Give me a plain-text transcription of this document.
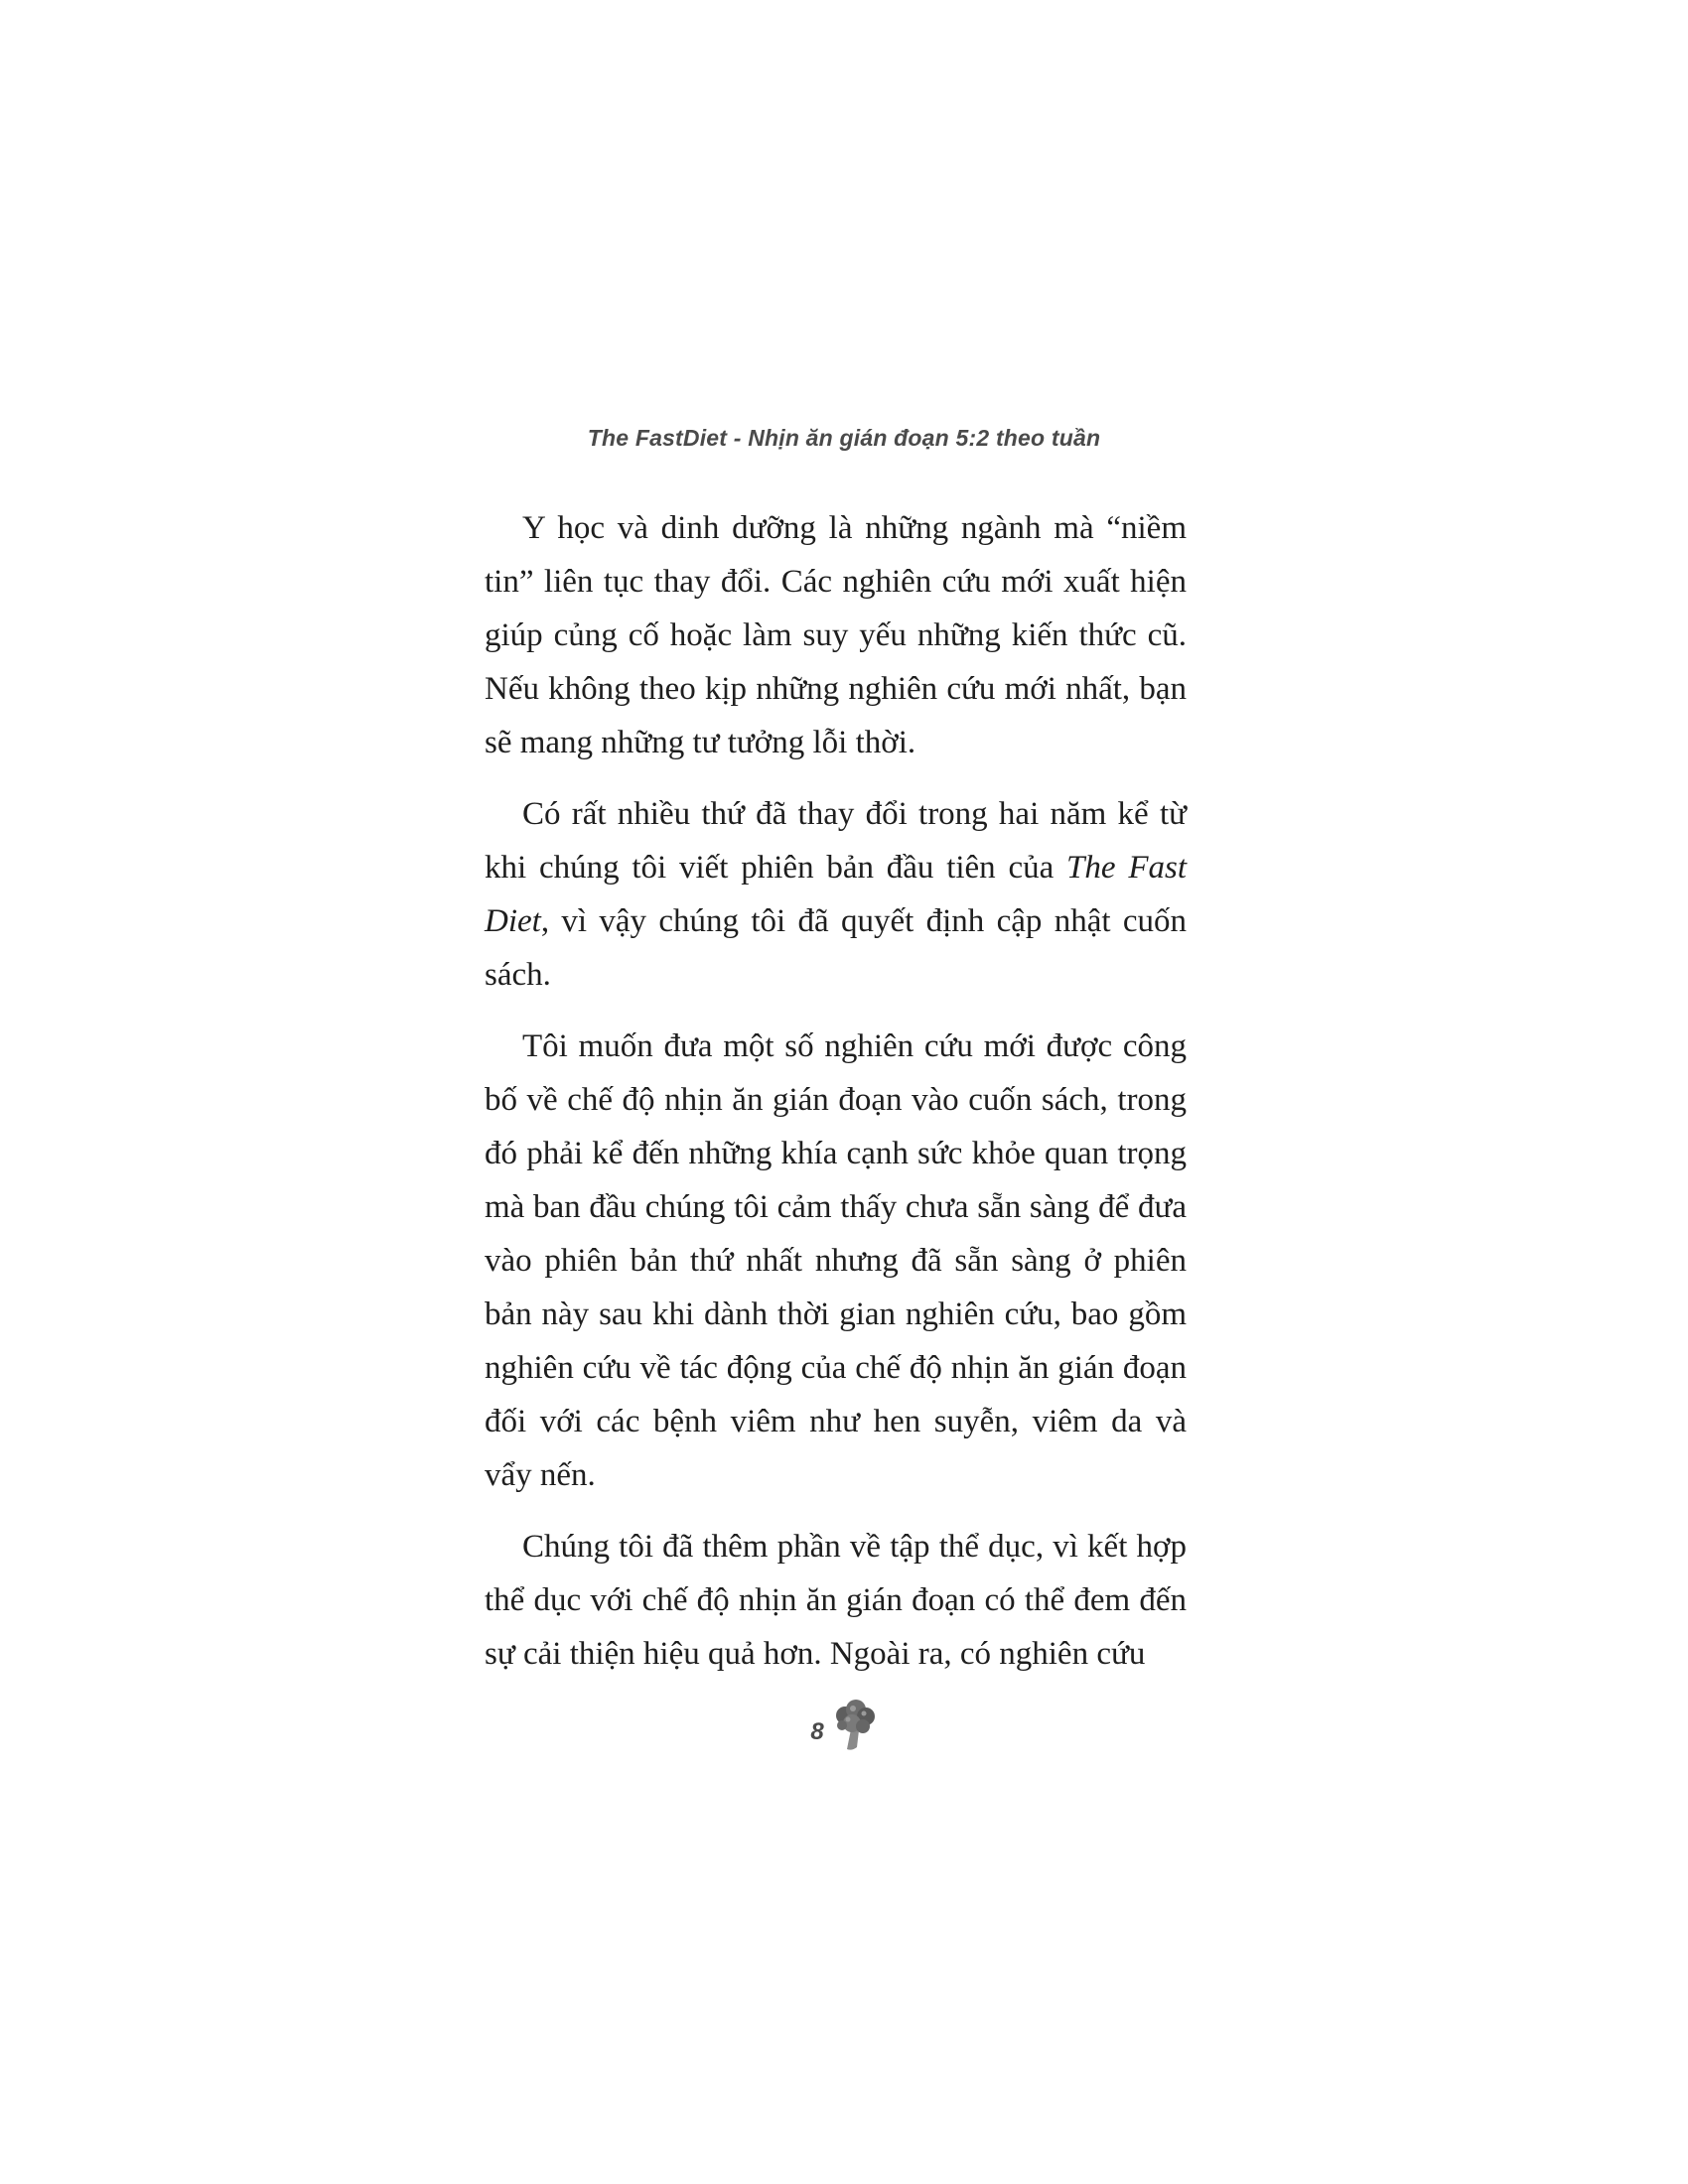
The FastDiet - Nhịn ăn gián đoạn 5:2 theo tuần

Y học và dinh dưỡng là những ngành mà “niềm tin” liên tục thay đổi. Các nghiên cứu mới xuất hiện giúp củng cố hoặc làm suy yếu những kiến thức cũ. Nếu không theo kịp những nghiên cứu mới nhất, bạn sẽ mang những tư tưởng lỗi thời.

Có rất nhiều thứ đã thay đổi trong hai năm kể từ khi chúng tôi viết phiên bản đầu tiên của The Fast Diet, vì vậy chúng tôi đã quyết định cập nhật cuốn sách.

Tôi muốn đưa một số nghiên cứu mới được công bố về chế độ nhịn ăn gián đoạn vào cuốn sách, trong đó phải kể đến những khía cạnh sức khỏe quan trọng mà ban đầu chúng tôi cảm thấy chưa sẵn sàng để đưa vào phiên bản thứ nhất nhưng đã sẵn sàng ở phiên bản này sau khi dành thời gian nghiên cứu, bao gồm nghiên cứu về tác động của chế độ nhịn ăn gián đoạn đối với các bệnh viêm như hen suyễn, viêm da và vẩy nến.

Chúng tôi đã thêm phần về tập thể dục, vì kết hợp thể dục với chế độ nhịn ăn gián đoạn có thể đem đến sự cải thiện hiệu quả hơn. Ngoài ra, có nghiên cứu

8
